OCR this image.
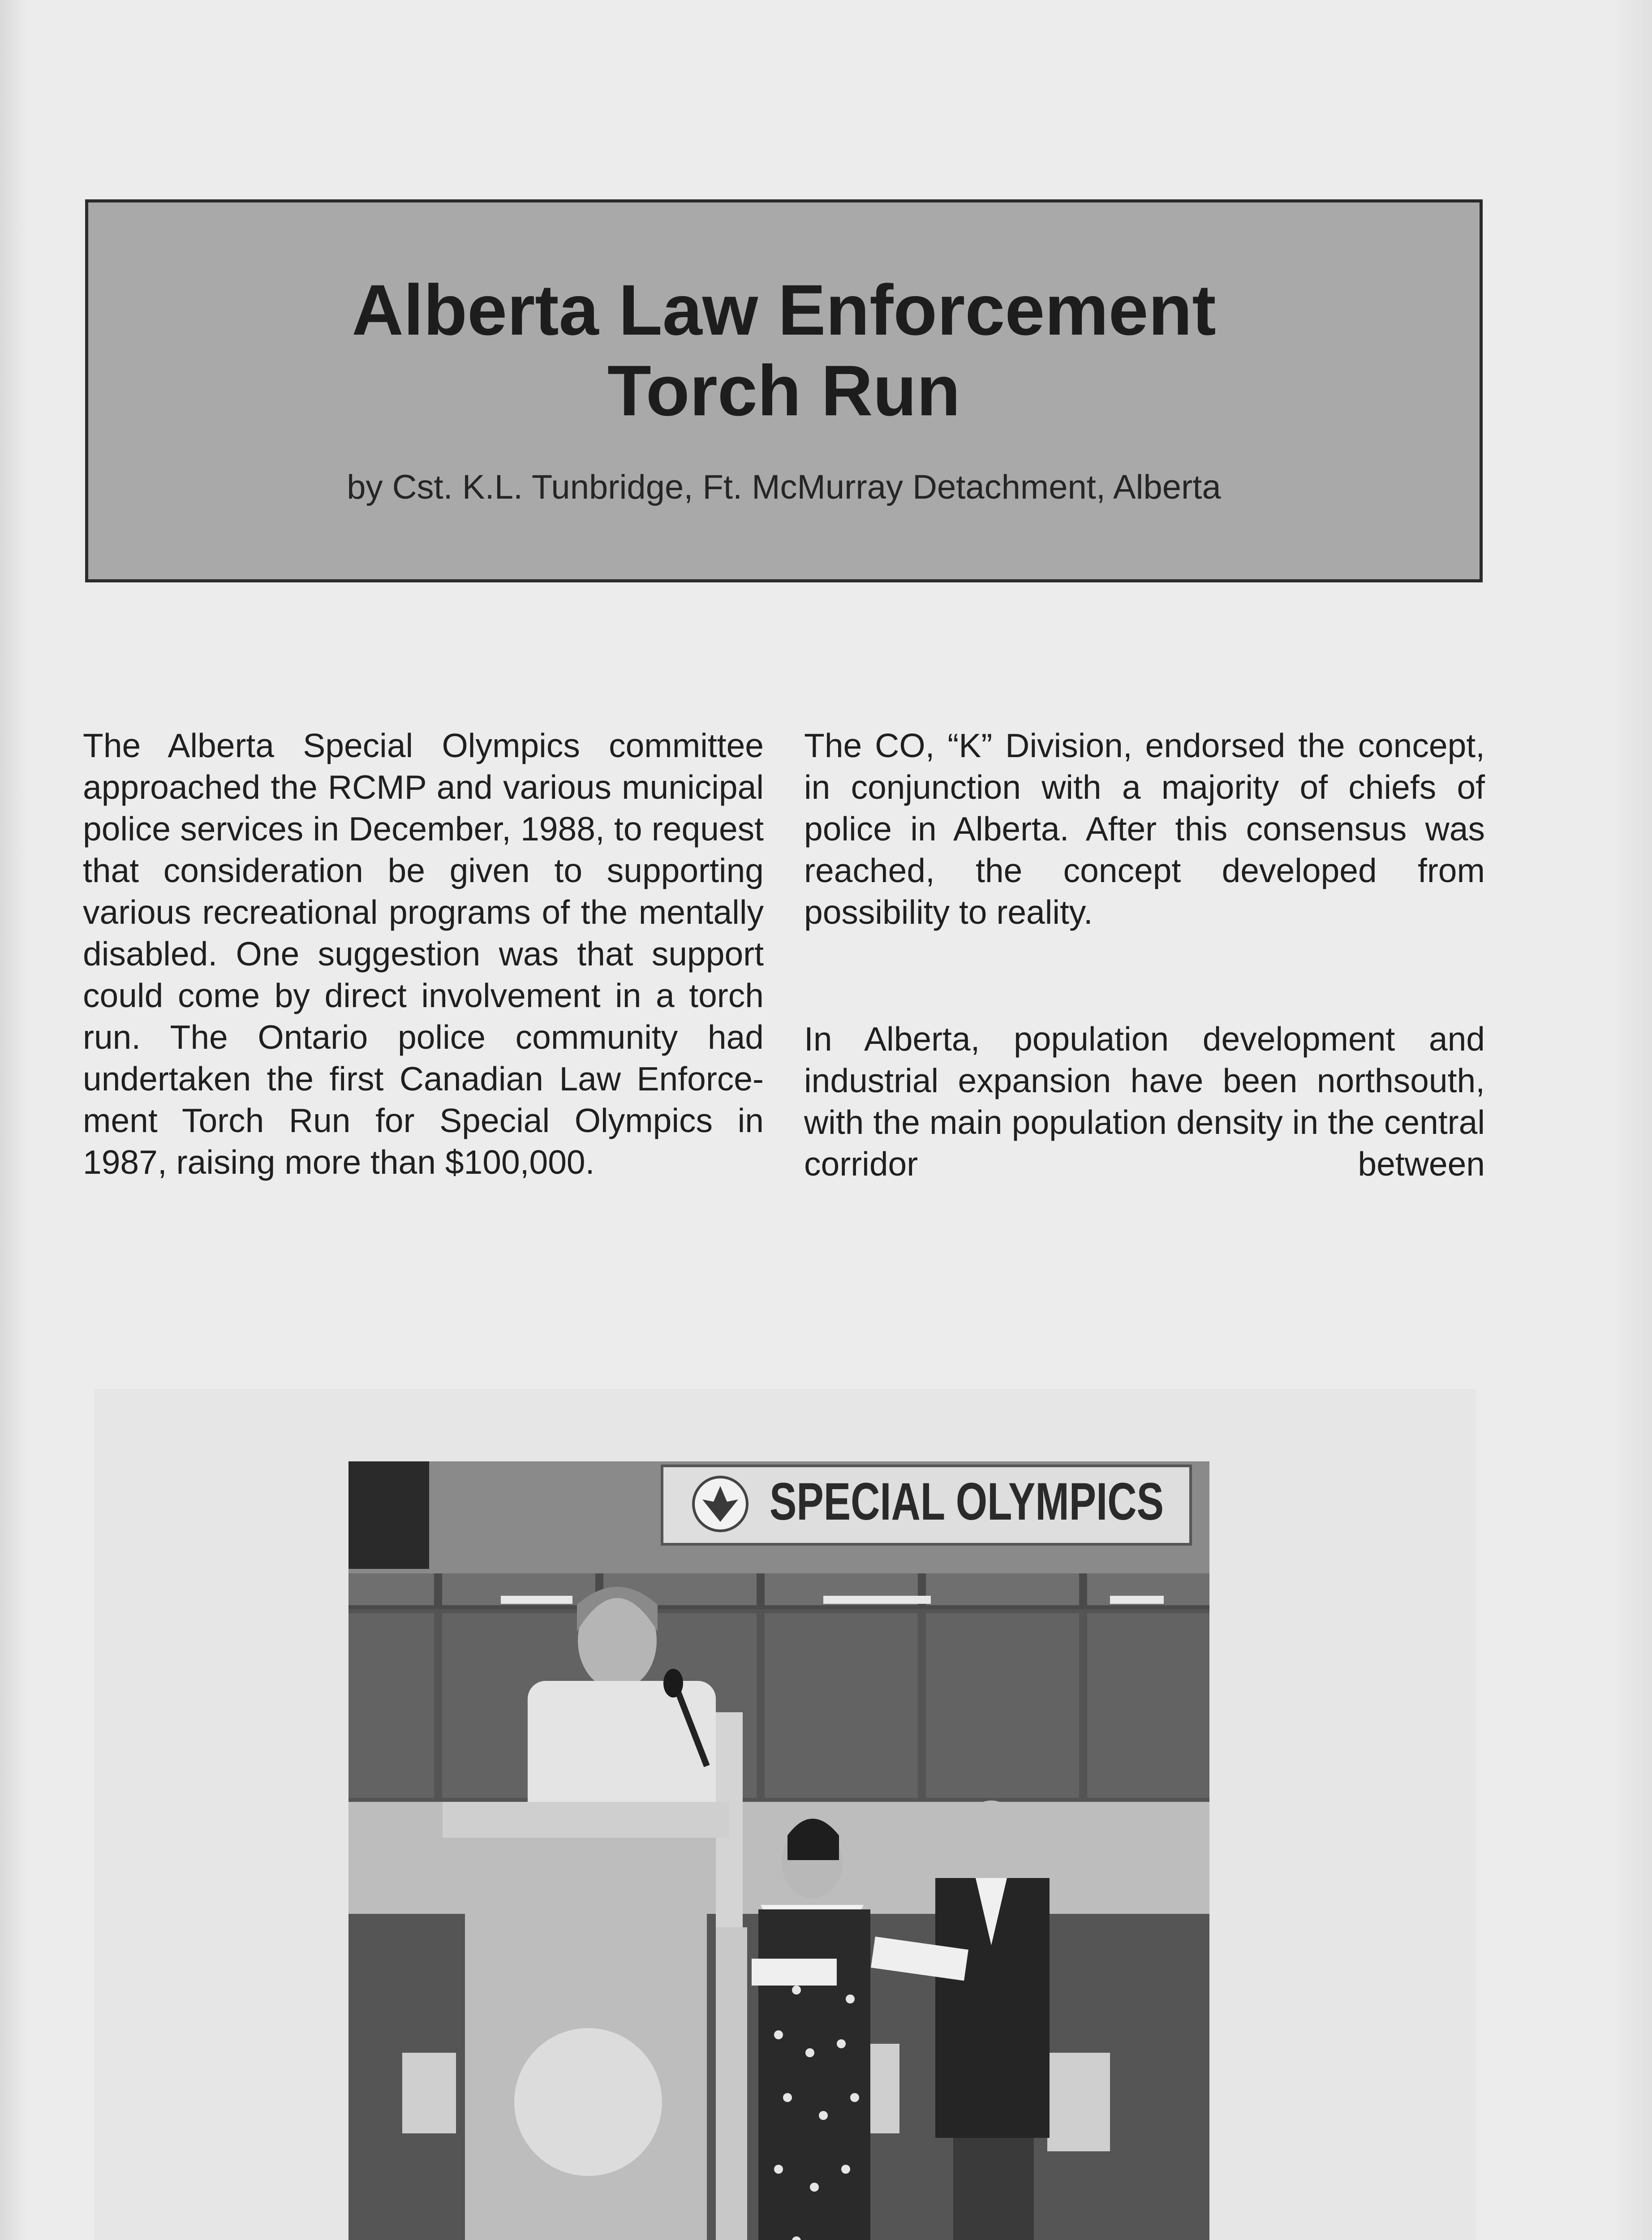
Alberta Law Enforcement
Torch Run
by Cst. K.L. Tunbridge, Ft. McMurray Detachment, Alberta

The Alberta Special Olympics committee approached the RCMP and various municipal police services in December, 1988, to request that consideration be given to supporting various recreational programs of the mentally disabled. One suggestion was that support could come by direct involvement in a torch run. The Ontario police community had undertaken the first Canadian Law Enforcement Torch Run for Special Olympics in 1987, raising more than $100,000.

The CO, “K” Division, endorsed the concept, in conjunction with a majority of chiefs of police in Alberta. After this consensus was reached, the concept developed from possibility to reality.

In Alberta, population development and industrial expansion have been northsouth, with the main population density in the central corridor between

SPECIAL OLYMPICS
